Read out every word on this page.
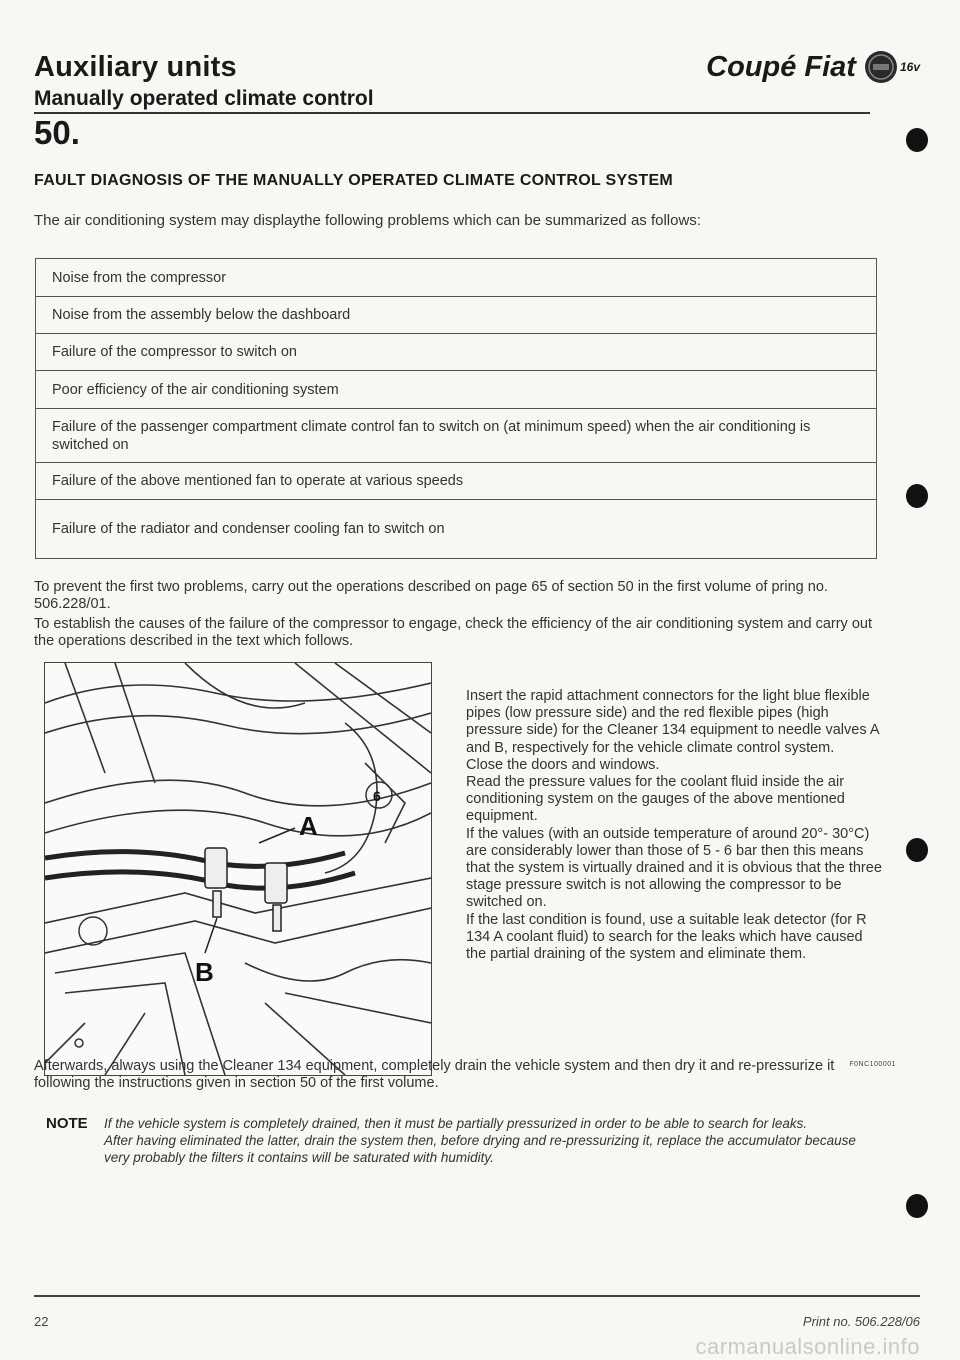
Auxiliary units
Manually operated climate control
Coupé Fiat	16v
50.
FAULT DIAGNOSIS OF THE MANUALLY OPERATED CLIMATE CONTROL SYSTEM
The air conditioning system may displaythe following problems which can be summarized as follows:
Noise from the compressor
Noise from the assembly below the dashboard
Failure of the compressor to switch on
Poor efficiency of the air conditioning system
Failure of the passenger compartment climate control fan to switch on (at minimum speed) when the air conditioning is switched on
Failure of the above mentioned fan to operate at various speeds
Failure of the radiator and condenser cooling fan to switch on
To prevent the first two problems, carry out the operations described on page 65 of section 50 in the first volume of pring no. 506.228/01.
To establish the causes of the failure of the compressor to engage, check the efficiency of the air conditioning system and carry out the operations described in the text which follows.
A
B
6
F0NC100001

Insert the rapid attachment connectors for the light blue flexible pipes (low pressure side) and the red flexible pipes (high pressure side) for the Cleaner 134 equipment to needle valves A and B, respectively for the vehicle climate control system.

Close the doors and windows.

Read the pressure values for the coolant fluid inside the air conditioning system on the gauges of the above mentioned equipment.

If the values (with an outside temperature of around 20°- 30°C) are considerably lower than those of 5 - 6 bar then this means that the system is virtually drained and it is obvious that the three stage pressure switch is not allowing the compressor to be switched on.

If the last condition is found, use a suitable leak detector (for R 134 A coolant fluid) to search for the leaks which have caused the partial draining of the system and eliminate them.

Afterwards, always using the Cleaner 134 equipment, completely drain the vehicle system and then dry it and re-pressurize it following the instructions given in section 50 of the first volume.
NOTE If the vehicle system is completely drained, then it must be partially pressurized in order to be able to search for leaks.

After having eliminated the latter, drain the system then, before drying and re-pressurizing it, replace the accumulator because very probably the filters it contains will be saturated with humidity.

22	Print no. 506.228/06
carmanualsonline.info
